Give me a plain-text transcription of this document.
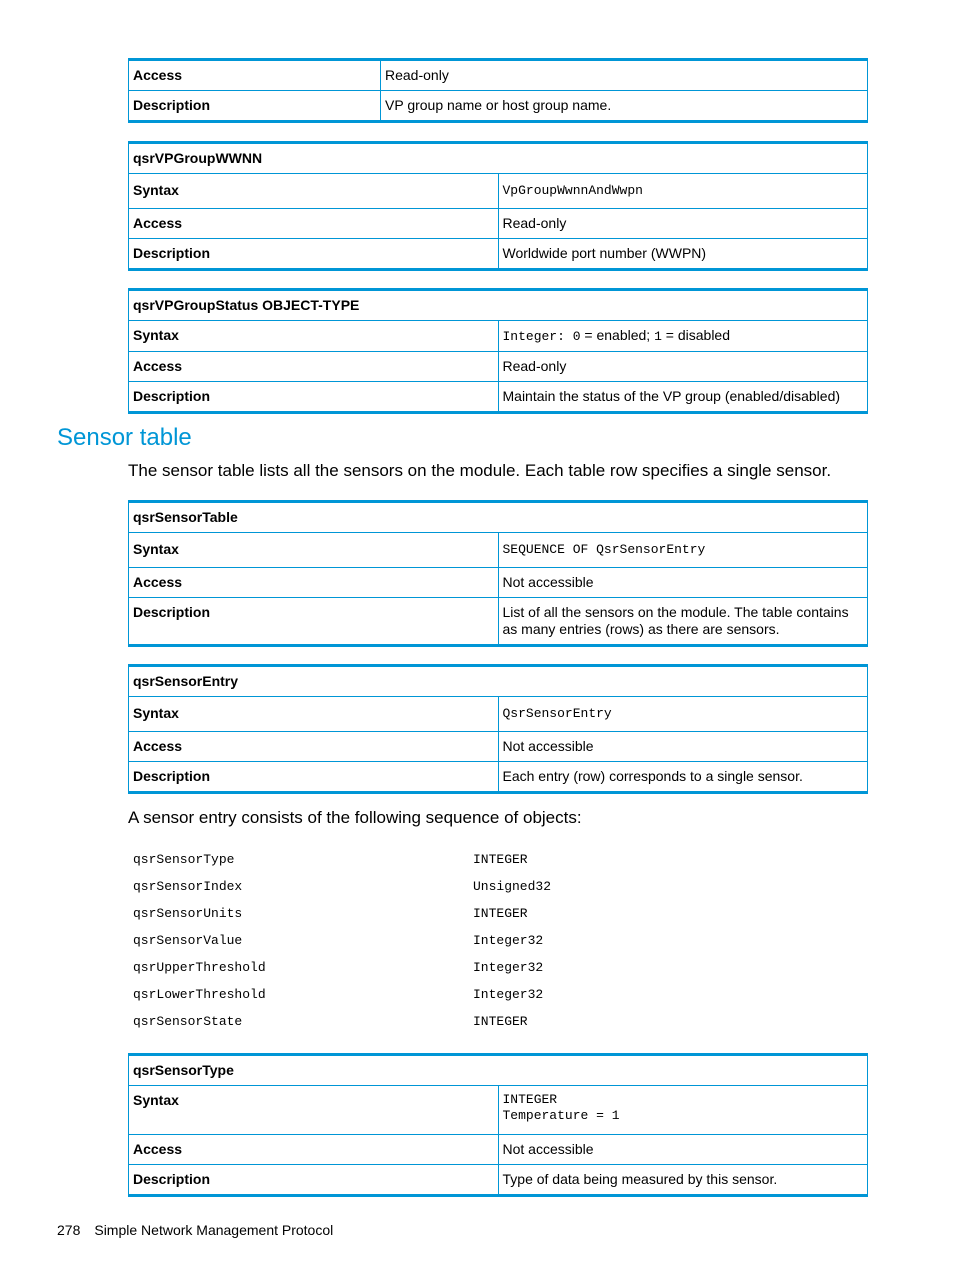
Access	Read-only
Description	VP group name or host group name.
qsrVPGroupWWNN	
Syntax	VpGroupWwnnAndWwpn
Access	Read-only
Description	Worldwide port number (WWPN)
qsrVPGroupStatus OBJECT-TYPE	
Syntax	Integer: 0 = enabled; 1 = disabled
Access	Read-only
Description	Maintain the status of the VP group (enabled/disabled)
Sensor table

The sensor table lists all the sensors on the module. Each table row specifies a single sensor.

qsrSensorTable	
Syntax	SEQUENCE OF QsrSensorEntry
Access	Not accessible
Description	List of all the sensors on the module. The table contains as many entries (rows) as there are sensors.
qsrSensorEntry	
Syntax	QsrSensorEntry
Access	Not accessible
Description	Each entry (row) corresponds to a single sensor.

A sensor entry consists of the following sequence of objects:

qsrSensorType	INTEGER
qsrSensorIndex	Unsigned32
qsrSensorUnits	INTEGER
qsrSensorValue	Integer32
qsrUpperThreshold	Integer32
qsrLowerThreshold	Integer32
qsrSensorState	INTEGER
qsrSensorType	
Syntax	INTEGER
Temperature = 1

Access	Not accessible
Description	Type of data being measured by this sensor.
278 Simple Network Management Protocol
